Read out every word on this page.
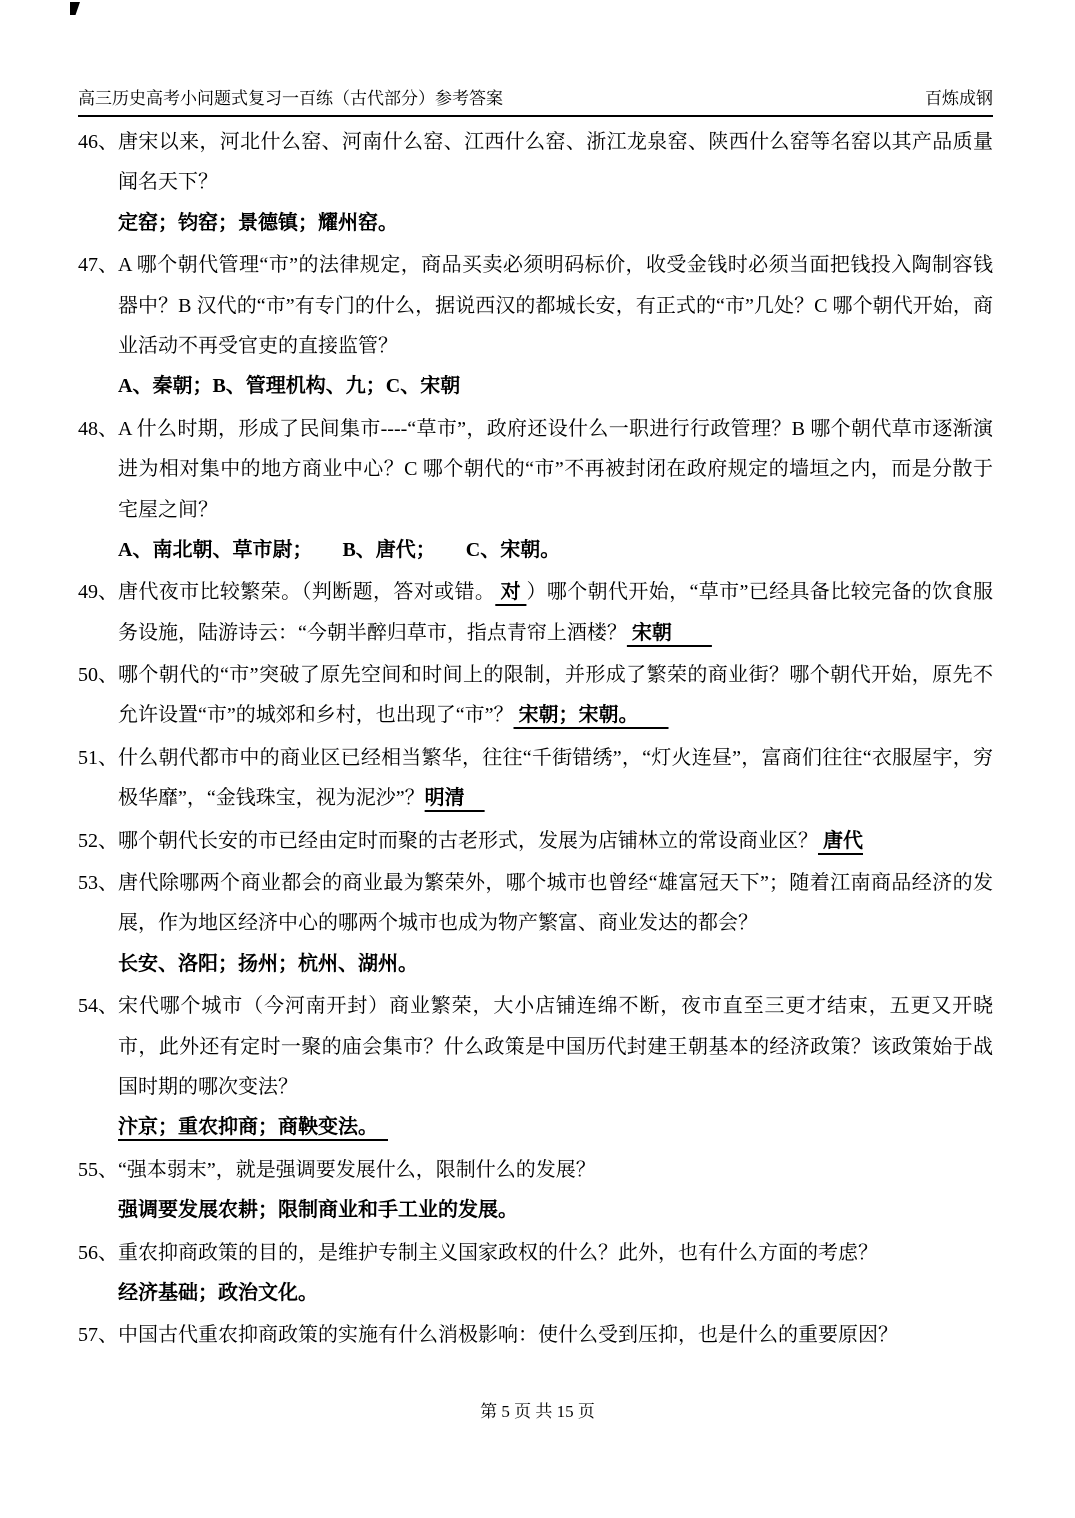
高三历史高考小问题式复习一百练（古代部分）参考答案	百炼成钢

46、 唐宋以来，河北什么窑、河南什么窑、江西什么窑、浙江龙泉窑、陕西什么窑等名窑以其产品质量闻名天下？

定窑；钧窑；景德镇；耀州窑。

47、 A 哪个朝代管理“市”的法律规定，商品买卖必须明码标价，收受金钱时必须当面把钱投入陶制容钱器中？B 汉代的“市”有专门的什么，据说西汉的都城长安，有正式的“市”几处？C 哪个朝代开始，商业活动不再受官吏的直接监管？

A、秦朝；B、管理机构、九；C、宋朝

48、 A 什么时期，形成了民间集市----“草市”，政府还设什么一职进行行政管理？B 哪个朝代草市逐渐演进为相对集中的地方商业中心？C 哪个朝代的“市”不再被封闭在政府规定的墙垣之内，而是分散于宅屋之间？

A、南北朝、草市尉；　　B、唐代；　　C、宋朝。

49、 唐代夜市比较繁荣。（判断题，答对或错。 对 ）哪个朝代开始，“草市”已经具备比较完备的饮食服务设施，陆游诗云：“今朝半醉归草市，指点青帘上酒楼？ 宋朝　　

50、 哪个朝代的“市”突破了原先空间和时间上的限制，并形成了繁荣的商业街？哪个朝代开始，原先不允许设置“市”的城郊和乡村，也出现了“市”？ 宋朝；宋朝。　　

51、 什么朝代都市中的商业区已经相当繁华，往往“千街错绣”，“灯火连昼”，富商们往往“衣服屋宇，穷极华靡”，“金钱珠宝，视为泥沙”？明清　

52、 哪个朝代长安的市已经由定时而聚的古老形式，发展为店铺林立的常设商业区？ 唐代

53、 唐代除哪两个商业都会的商业最为繁荣外，哪个城市也曾经“雄富冠天下”；随着江南商品经济的发展，作为地区经济中心的哪两个城市也成为物产繁富、商业发达的都会？

长安、洛阳；扬州；杭州、湖州。

54、 宋代哪个城市（今河南开封）商业繁荣，大小店铺连绵不断，夜市直至三更才结束，五更又开晓市，此外还有定时一聚的庙会集市？什么政策是中国历代封建王朝基本的经济政策？该政策始于战国时期的哪次变法？

汴京；重农抑商；商鞅变法。　

55、 “强本弱末”，就是强调要发展什么，限制什么的发展？

强调要发展农耕；限制商业和手工业的发展。

56、 重农抑商政策的目的，是维护专制主义国家政权的什么？此外，也有什么方面的考虑？

经济基础；政治文化。

57、 中国古代重农抑商政策的实施有什么消极影响：使什么受到压抑，也是什么的重要原因？

第 5 页 共 15 页
